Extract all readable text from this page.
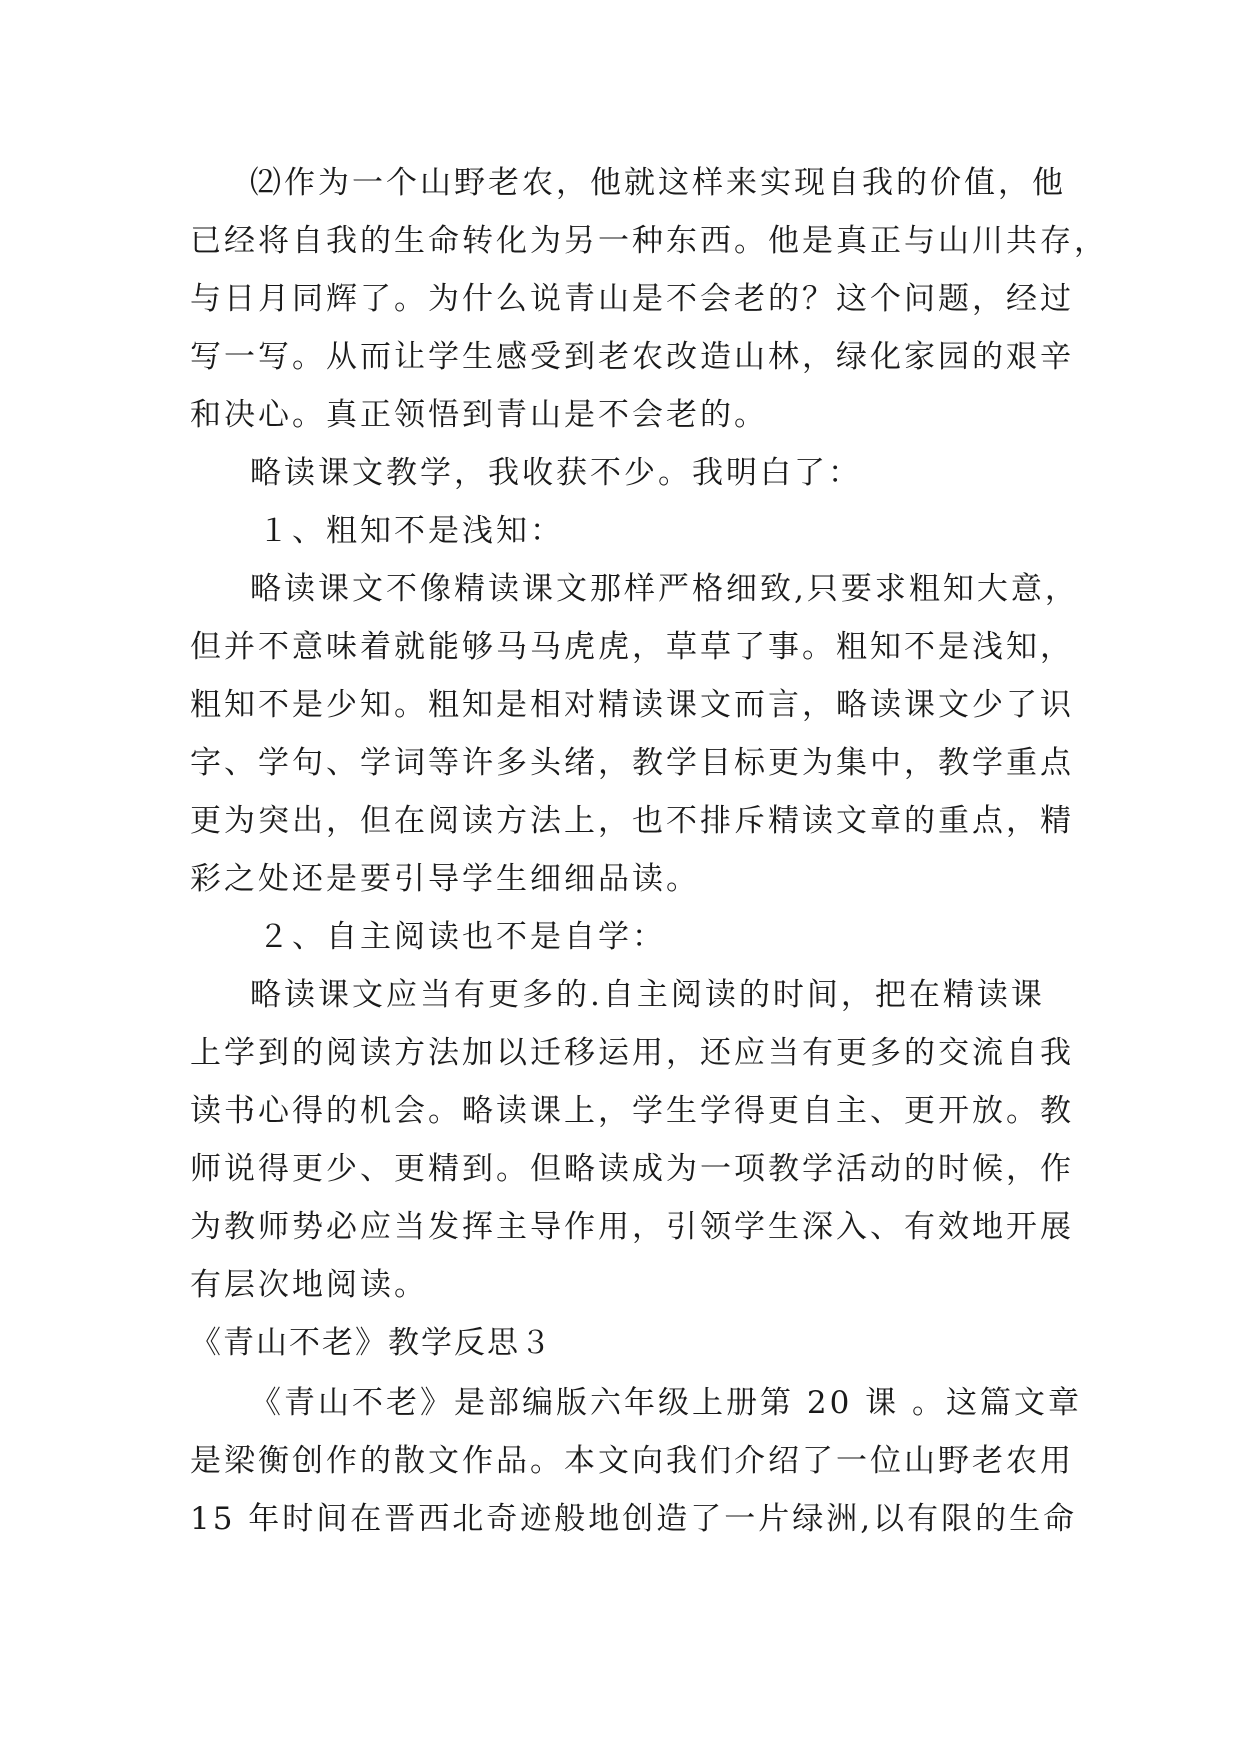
⑵作为一个山野老农，他就这样来实现自我的价值，他
已经将自我的生命转化为另一种东西。他是真正与山川共存，
与日月同辉了。为什么说青山是不会老的？这个问题，经过
写一写。从而让学生感受到老农改造山林，绿化家园的艰辛
和决心。真正领悟到青山是不会老的。
略读课文教学，我收获不少。我明白了：
１、粗知不是浅知：
略读课文不像精读课文那样严格细致,只要求粗知大意，
但并不意味着就能够马马虎虎，草草了事。粗知不是浅知，
粗知不是少知。粗知是相对精读课文而言，略读课文少了识
字、学句、学词等许多头绪，教学目标更为集中，教学重点
更为突出，但在阅读方法上，也不排斥精读文章的重点，精
彩之处还是要引导学生细细品读。
２、自主阅读也不是自学：
略读课文应当有更多的.自主阅读的时间，把在精读课
上学到的阅读方法加以迁移运用，还应当有更多的交流自我
读书心得的机会。略读课上，学生学得更自主、更开放。教
师说得更少、更精到。但略读成为一项教学活动的时候，作
为教师势必应当发挥主导作用，引领学生深入、有效地开展
有层次地阅读。
《青山不老》教学反思３
《青山不老》是部编版六年级上册第 20 课 。这篇文章
是梁衡创作的散文作品。本文向我们介绍了一位山野老农用
15 年时间在晋西北奇迹般地创造了一片绿洲,以有限的生命
